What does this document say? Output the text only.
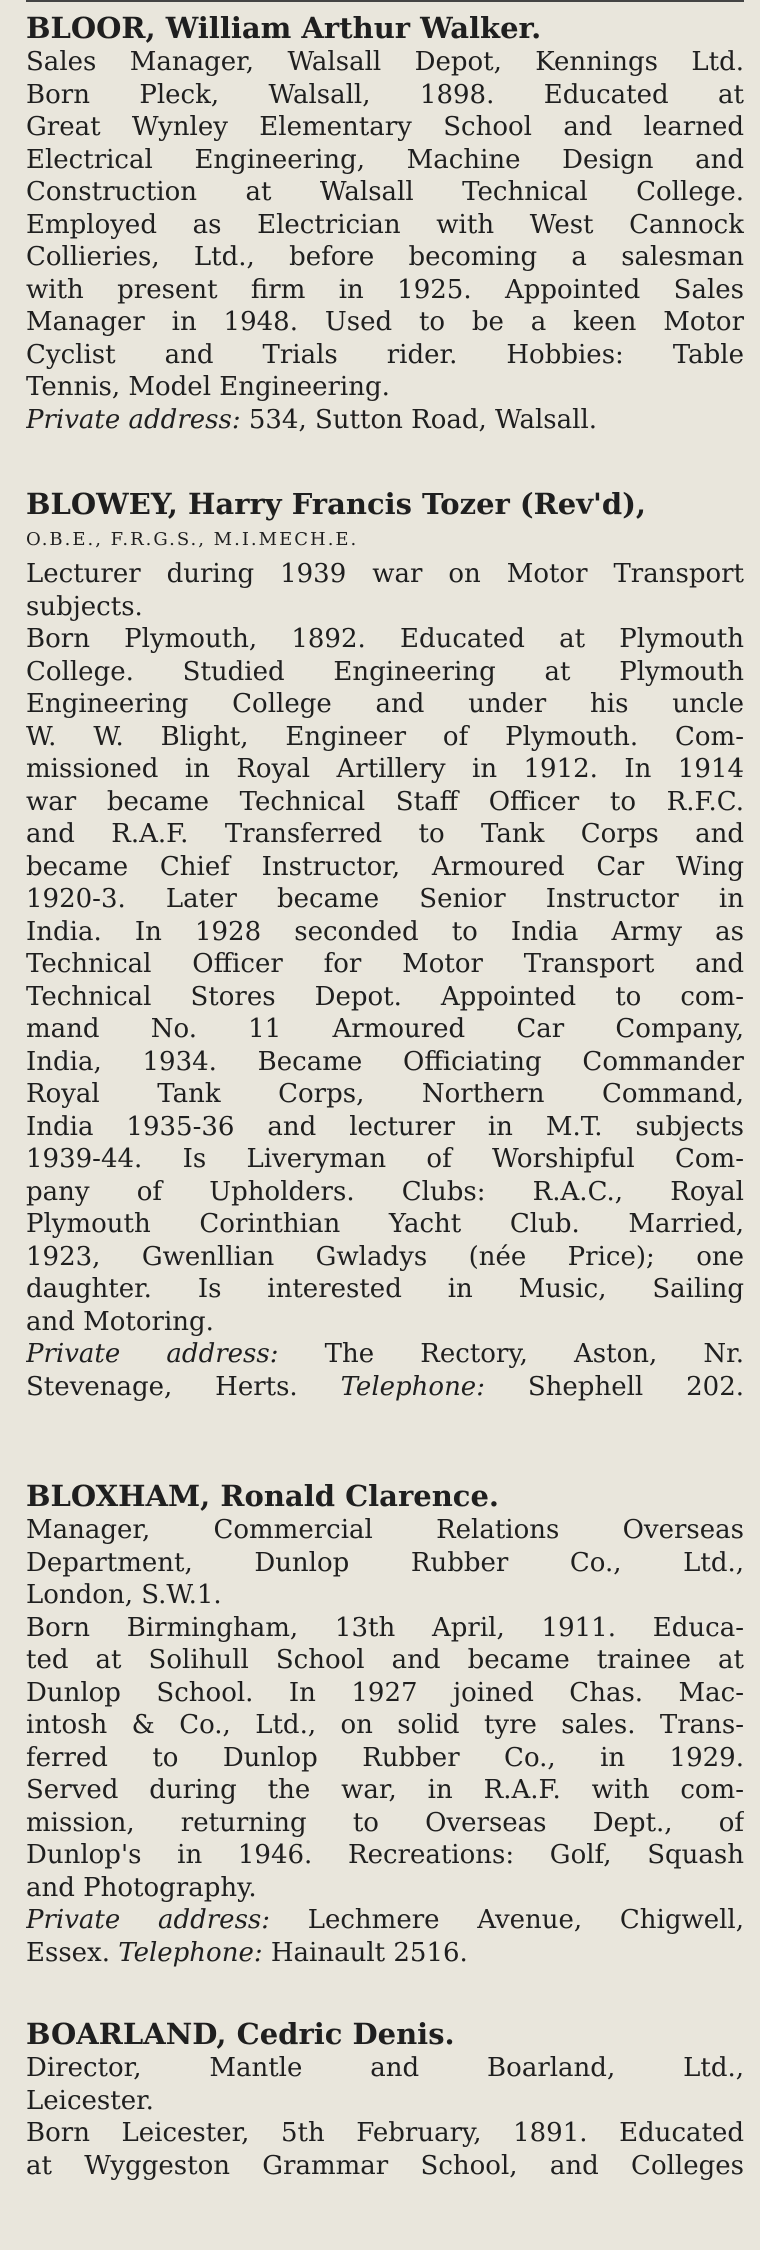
BLOOR, William Arthur Walker.
Sales Manager, Walsall Depot, Kennings Ltd.
Born Pleck, Walsall, 1898. Educated at
Great Wynley Elementary School and learned
Electrical Engineering, Machine Design and
Construction at Walsall Technical College.
Employed as Electrician with West Cannock
Collieries, Ltd., before becoming a salesman
with present firm in 1925. Appointed Sales
Manager in 1948. Used to be a keen Motor
Cyclist and Trials rider. Hobbies: Table
Tennis, Model Engineering.
Private address: 534, Sutton Road, Walsall.
BLOWEY, Harry Francis Tozer (Rev'd),
O.B.E., F.R.G.S., M.I.MECH.E.
Lecturer during 1939 war on Motor Transport
subjects.
Born Plymouth, 1892. Educated at Plymouth
College. Studied Engineering at Plymouth
Engineering College and under his uncle
W. W. Blight, Engineer of Plymouth. Com-
missioned in Royal Artillery in 1912. In 1914
war became Technical Staff Officer to R.F.C.
and R.A.F. Transferred to Tank Corps and
became Chief Instructor, Armoured Car Wing
1920-3. Later became Senior Instructor in
India. In 1928 seconded to India Army as
Technical Officer for Motor Transport and
Technical Stores Depot. Appointed to com-
mand No. 11 Armoured Car Company,
India, 1934. Became Officiating Commander
Royal Tank Corps, Northern Command,
India 1935-36 and lecturer in M.T. subjects
1939-44. Is Liveryman of Worshipful Com-
pany of Upholders. Clubs: R.A.C., Royal
Plymouth Corinthian Yacht Club. Married,
1923, Gwenllian Gwladys (née Price); one
daughter. Is interested in Music, Sailing
and Motoring.
Private address: The Rectory, Aston, Nr.
Stevenage, Herts. Telephone: Shephell 202.
BLOXHAM, Ronald Clarence.
Manager, Commercial Relations Overseas
Department, Dunlop Rubber Co., Ltd.,
London, S.W.1.
Born Birmingham, 13th April, 1911. Educa-
ted at Solihull School and became trainee at
Dunlop School. In 1927 joined Chas. Mac-
intosh & Co., Ltd., on solid tyre sales. Trans-
ferred to Dunlop Rubber Co., in 1929.
Served during the war, in R.A.F. with com-
mission, returning to Overseas Dept., of
Dunlop's in 1946. Recreations: Golf, Squash
and Photography.
Private address: Lechmere Avenue, Chigwell,
Essex. Telephone: Hainault 2516.
BOARLAND, Cedric Denis.
Director, Mantle and Boarland, Ltd.,
Leicester.
Born Leicester, 5th February, 1891. Educated
at Wyggeston Grammar School, and Colleges
